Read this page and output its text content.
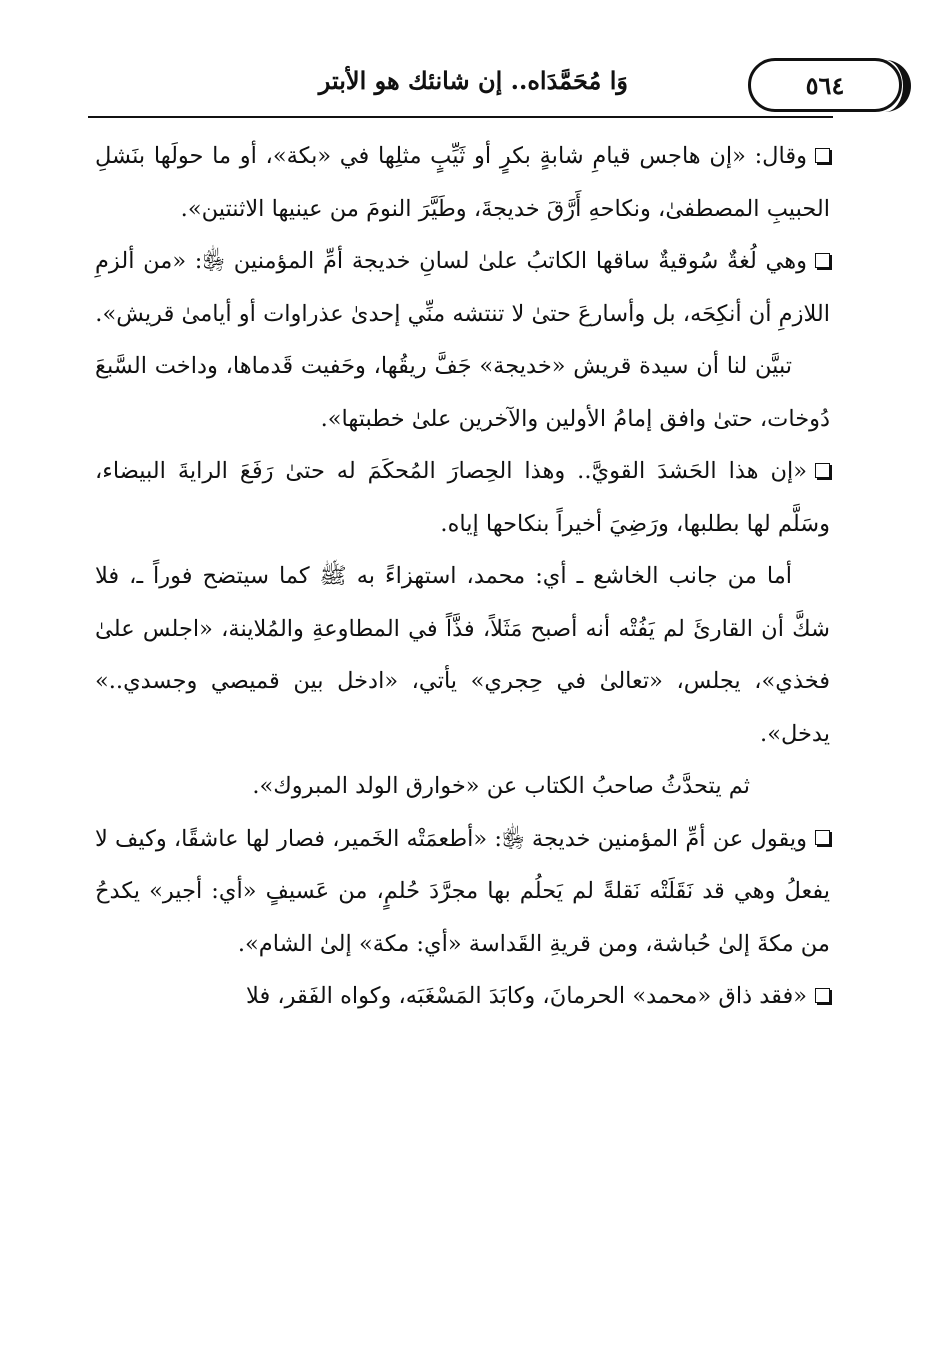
٥٦٤
وَا مُحَمَّدَاه.. إن شانئك هو الأبتر

وقال: «إن هاجس قيامِ شابةٍ بكرٍ أو ثَيِّبٍ مثلِها في «بكة»، أو ما حولَها بنَشلِ الحبيبِ المصطفىٰ، ونكاحهِ أَرَّقَ خديجةَ، وطَيَّرَ النومَ من عينيها الاثنتين».

وهي لُغةٌ سُوقيةٌ ساقها الكاتبُ علىٰ لسانِ خديجة أمِّ المؤمنين ﵂: «من ألزمِ اللازمِ أن أنكِحَه، بل وأسارعَ حتىٰ لا تنتشه منِّي إحدىٰ عذراوات أو أيامىٰ قريش».

تبيَّن لنا أن سيدة قريش «خديجة» جَفَّ ريقُها، وحَفيت قَدماها، وداخت السَّبعَ دُوخات، حتىٰ وافق إمامُ الأولين والآخرين علىٰ خطبتها».

«إن هذا الحَشدَ القويَّ.. وهذا الحِصارَ المُحكَمَ له حتىٰ رَفَعَ الرايةَ البيضاء، وسَلَّم لها بطلبها، ورَضِيَ أخيراً بنكاحها إياه.

أما من جانب الخاشع ـ أي: محمد، استهزاءً به ﷺ كما سيتضح فوراً ـ، فلا شكَّ أن القارئَ لم يَفُتْه أنه أصبح مَثَلاً، فذَّاً في المطاوعةِ والمُلاينة، «اجلس علىٰ فخذي»، يجلس، «تعالىٰ في حِجري» يأتي، «ادخل بين قميصي وجسدي..» يدخل».

ثم يتحدَّثُ صاحبُ الكتاب عن «خوارق الولد المبروك».

ويقول عن أمِّ المؤمنين خديجة ﵂: «أطعمَتْه الخَمير، فصار لها عاشقًا، وكيف لا يفعلُ وهي قد نَقَلَتْه نَقلةً لم يَحلُم بها مجرَّدَ حُلمٍ، من عَسيفٍ «أي: أجير» يكدحُ من مكةَ إلىٰ حُباشة، ومن قريةِ القَداسة «أي: مكة» إلىٰ الشام».

«فقد ذاق «محمد» الحرمانَ، وكابَدَ المَسْغَبَه، وكواه الفَقر، فلا
